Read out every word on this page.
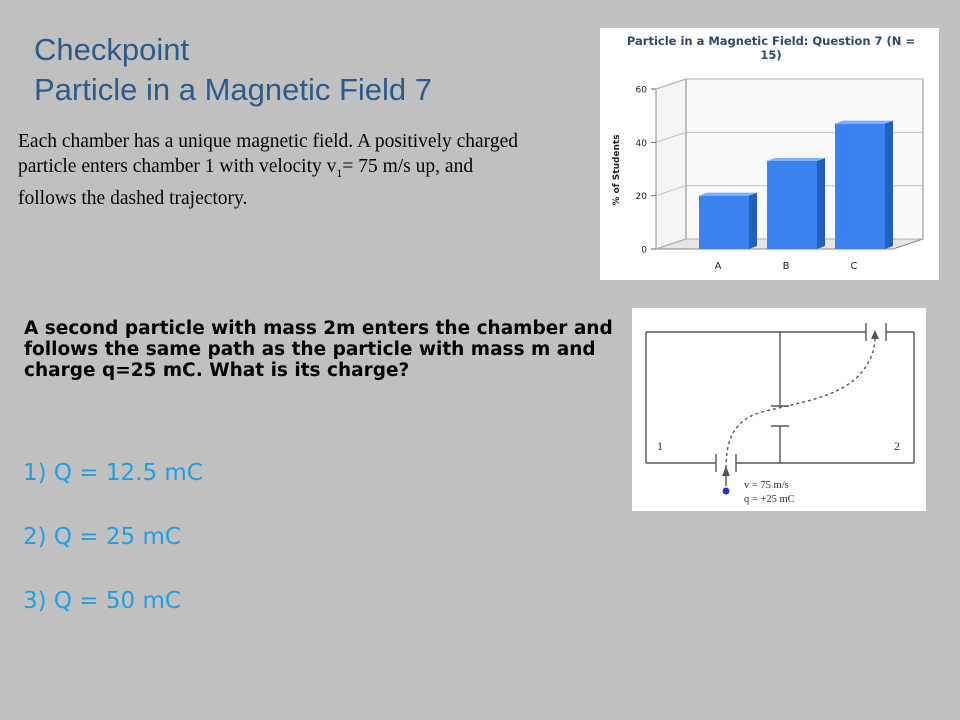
Checkpoint
Particle in a Magnetic Field 7
Each chamber has a unique magnetic field. A positively charged particle enters chamber 1 with velocity $v_1= 75$ m/s up, and follows the dashed trajectory.
A second particle with mass 2m enters the chamber and follows the same path as the particle with mass m and charge q=25 mC. What is its charge?
1) Q = 12.5 mC
2) Q = 25 mC
3) Q = 50 mC
Particle in a Magnetic Field: Question 7 (N = 15)
% of Students
0
20
40
60
A	B	C
1	2
v = 75 m/s
q = +25 mC
